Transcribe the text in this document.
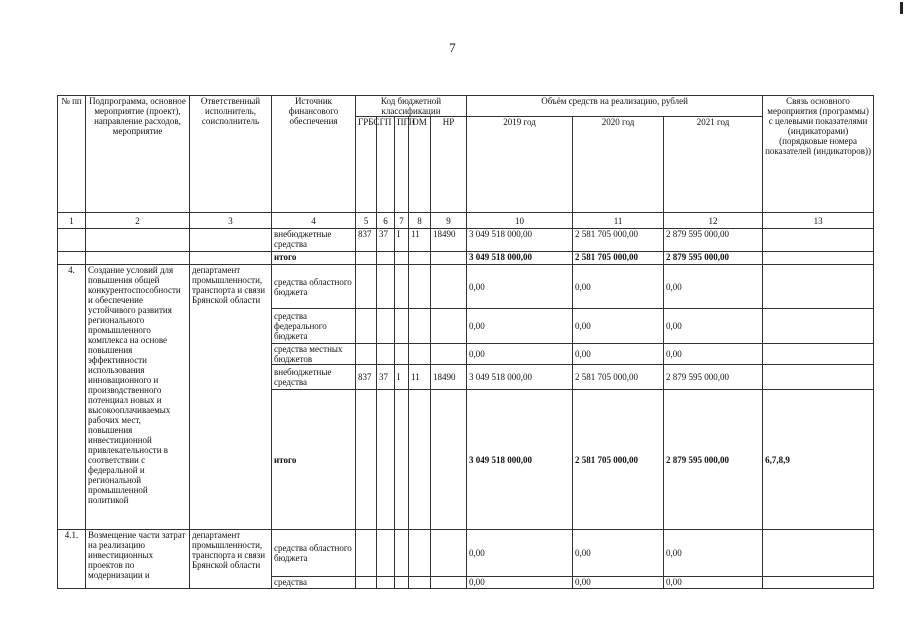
7
№ пп	Подпрограмма, основное мероприятие (проект), направление расходов, мероприятие	Ответственный исполнитель, соисполнитель	Источник финансового обеспечения	Код бюджетной классификации					Объём средств на реализацию, рублей			Связь основного мероприятия (программы) с целевыми показателями (индикаторами) (порядковые номера показателей (индикаторов))
				ГРБС	ГП	ПГП	ОМ	НР	2019 год	2020 год	2021 год	
1	2	3	4	5	6	7	8	9	10	11	12	13
			внебюджетные средства	837	37	I	11	18490	3 049 518 000,00	2 581 705 000,00	2 879 595 000,00	
			итого						3 049 518 000,00	2 581 705 000,00	2 879 595 000,00	
4.	Создание условий для повышения общей конкурентоспособности и обеспечение устойчивого развития регионального промышленного комплекса на основе повышения эффективности использования инновационного и производственного потенциал новых и высокооплачиваемых рабочих мест, повышения инвестиционной привлекательности в соответствии с федеральной и региональной промышленной политикой	департамент промышленности, транспорта и связи Брянской области	средства областного бюджета						0,00	0,00	0,00	
			средства федерального бюджета						0,00	0,00	0,00	
			средства местных бюджетов						0,00	0,00	0,00	
			внебюджетные средства	837	37	I	11	18490	3 049 518 000,00	2 581 705 000,00	2 879 595 000,00	
			итого						3 049 518 000,00	2 581 705 000,00	2 879 595 000,00	6,7,8,9
4.1.	Возмещение части затрат на реализацию инвестиционных проектов по модернизации и	департамент промышленности, транспорта и связи Брянской области	средства областного бюджета						0,00	0,00	0,00	
			средства						0,00	0,00	0,00	
